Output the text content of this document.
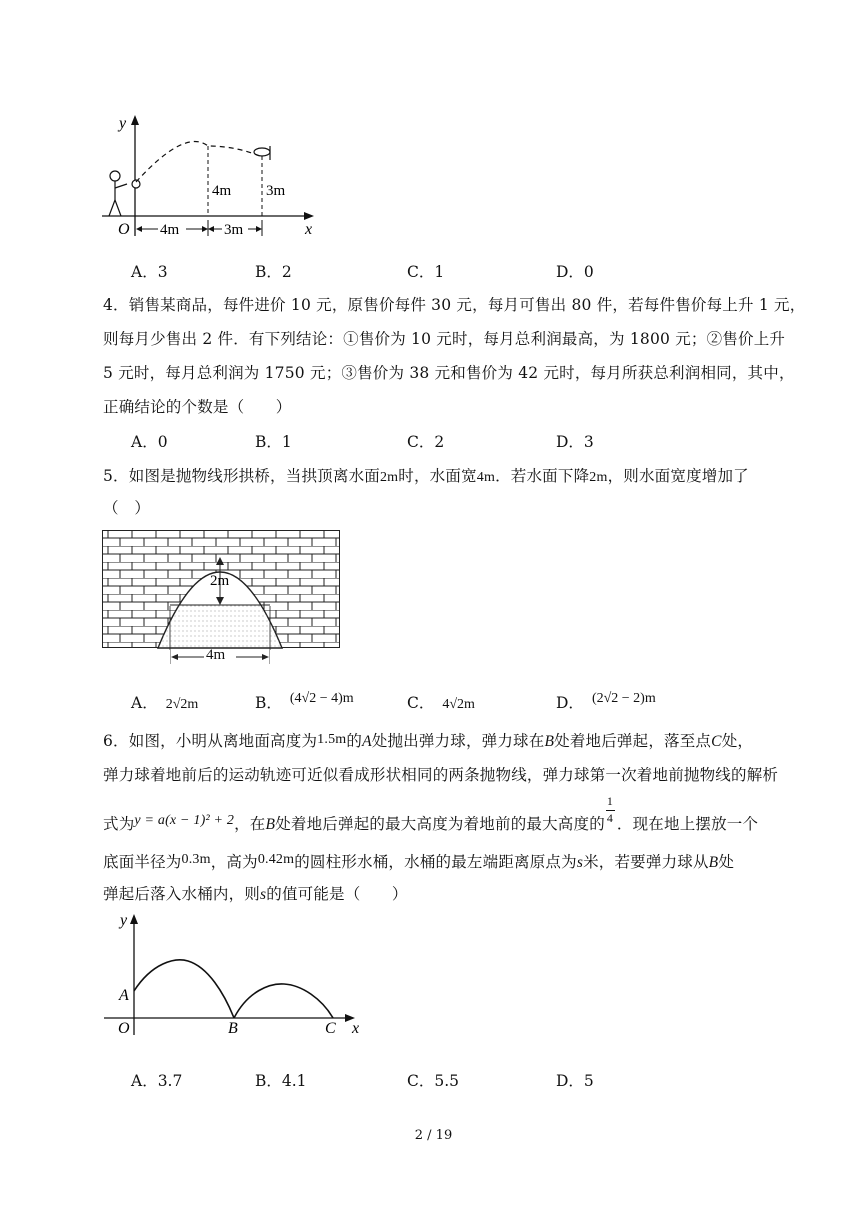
y
x
O
4m 3m
4m	3m
A．3	B．2	C．1	D．0
4．销售某商品，每件进价 10 元，原售价每件 30 元，每月可售出 80 件，若每件售价每上升 1 元，
则每月少售出 2 件．有下列结论：①售价为 10 元时，每月总利润最高，为 1800 元；②售价上升
5 元时，每月总利润为 1750 元；③售价为 38 元和售价为 42 元时，每月所获总利润相同，其中，
正确结论的个数是（　　）
A．0	B．1	C．2	D．3
5．如图是抛物线形拱桥，当拱顶离水面2m时，水面宽4m．若水面下降2m，则水面宽度增加了
（　）
2m
4m
A． 2√2m	B． (4√2 − 4)m	C． 4√2m	D． (2√2 − 2)m
6．如图，小明从离地面高度为1.5m的A处抛出弹力球，弹力球在B处着地后弹起，落至点C处，
弹力球着地前后的运动轨迹可近似看成形状相同的两条抛物线，弹力球第一次着地前抛物线的解析
式为y = a(x − 1)² + 2，在B处着地后弹起的最大高度为着地前的最大高度的 $\frac{1}{4}$ ．现在地上摆放一个
底面半径为0.3m，高为0.42m的圆柱形水桶，水桶的最左端距离原点为s米，若要弹力球从B处
弹起后落入水桶内，则s的值可能是（　　）
y
x
O
A
B	C
A．3.7	B．4.1	C．5.5	D．5
2 / 19
